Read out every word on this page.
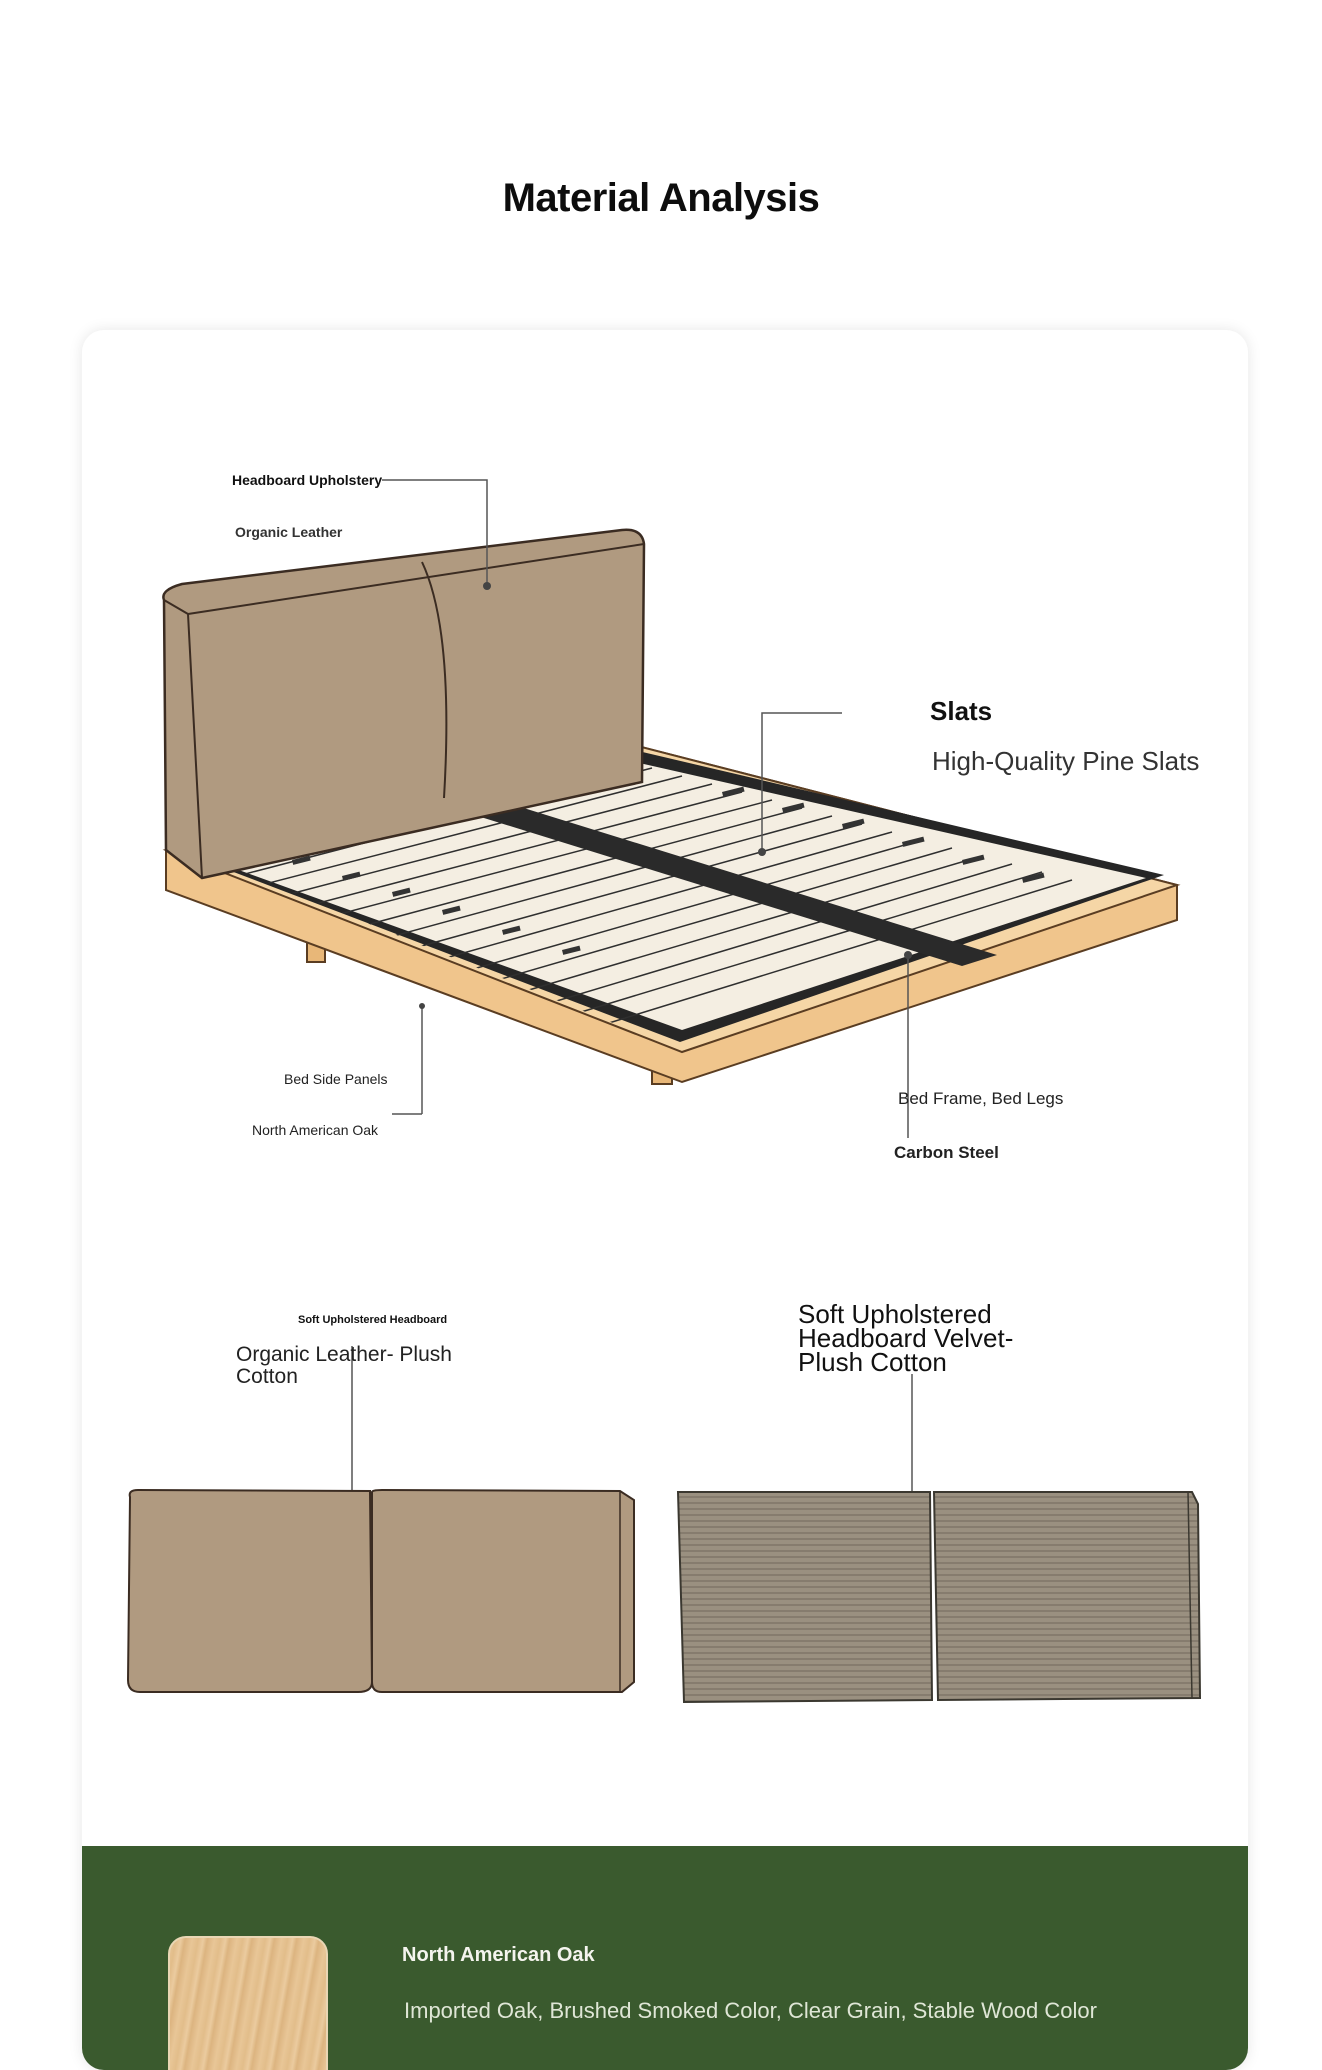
Material Analysis
Headboard Upholstery
Organic Leather
Slats
High-Quality Pine Slats
Bed Side Panels
North American Oak
Bed Frame, Bed Legs
Carbon Steel
Soft Upholstered Headboard
Organic Leather- Plush Cotton
Soft Upholstered Headboard Velvet- Plush Cotton
North American Oak
Imported Oak, Brushed Smoked Color, Clear Grain, Stable Wood Color
